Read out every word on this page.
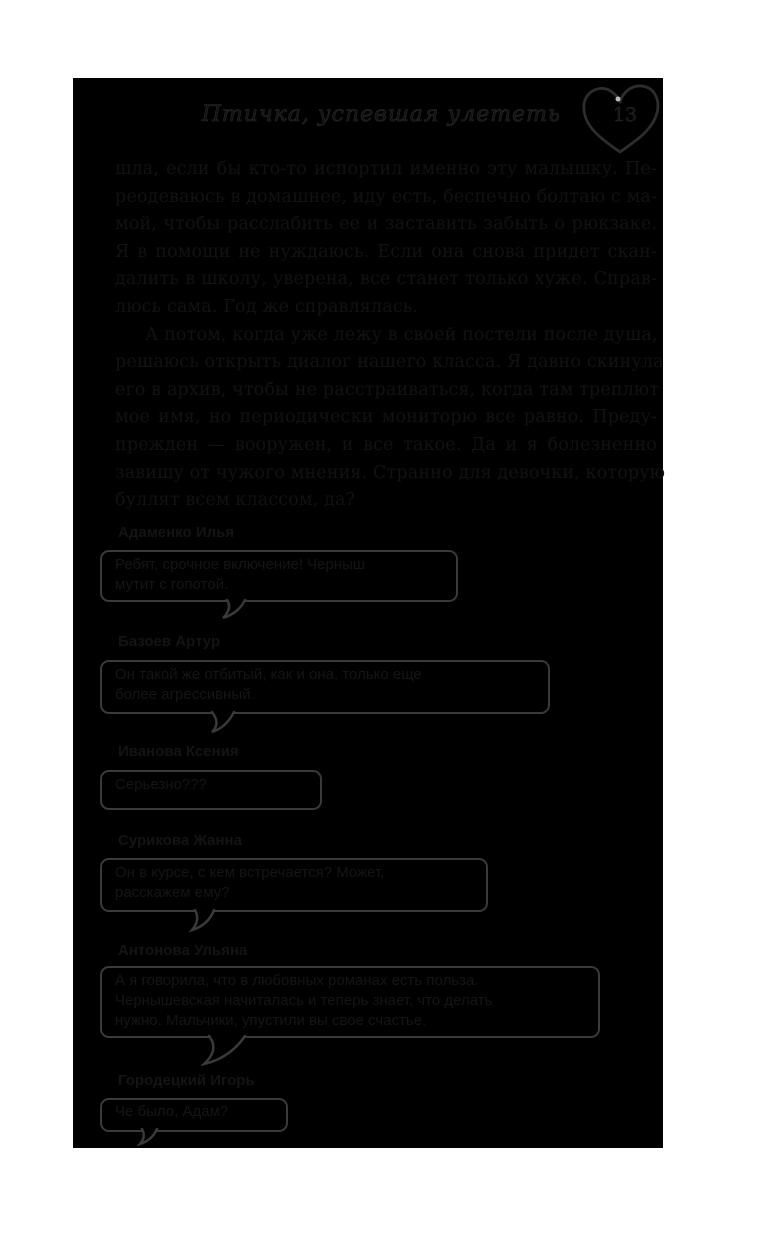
Птичка, успевшая улететь	13
шла, если бы кто-то испортил именно эту малышку. Пе-
реодеваюсь в домашнее, иду есть, беспечно болтаю с ма-
мой, чтобы расслабить ее и заставить забыть о рюкзаке.
Я в помощи не нуждаюсь. Если она снова придет скан-
далить в школу, уверена, все станет только хуже. Справ-
люсь сама. Год же справлялась.
А потом, когда уже лежу в своей постели после душа,
решаюсь открыть диалог нашего класса. Я давно скинула
его в архив, чтобы не расстраиваться, когда там треплют
мое имя, но периодически мониторю все равно. Преду-
прежден — вооружен, и все такое. Да и я болезненно
завишу от чужого мнения. Странно для девочки, которую
буллят всем классом, да?
Адаменко Илья
Ребят, срочное включение! Черныш
мутит с гопотой.
Базоев Артур
Он такой же отбитый, как и она, только еще
более агрессивный.
Иванова Ксения
Серьезно???
Сурикова Жанна
Он в курсе, с кем встречается? Может,
расскажем ему?
Антонова Ульяна
А я говорила, что в любовных романах есть польза.
Чернышевская начиталась и теперь знает, что делать
нужно. Мальчики, упустили вы свое счастье.
Городецкий Игорь
Че было, Адам?
